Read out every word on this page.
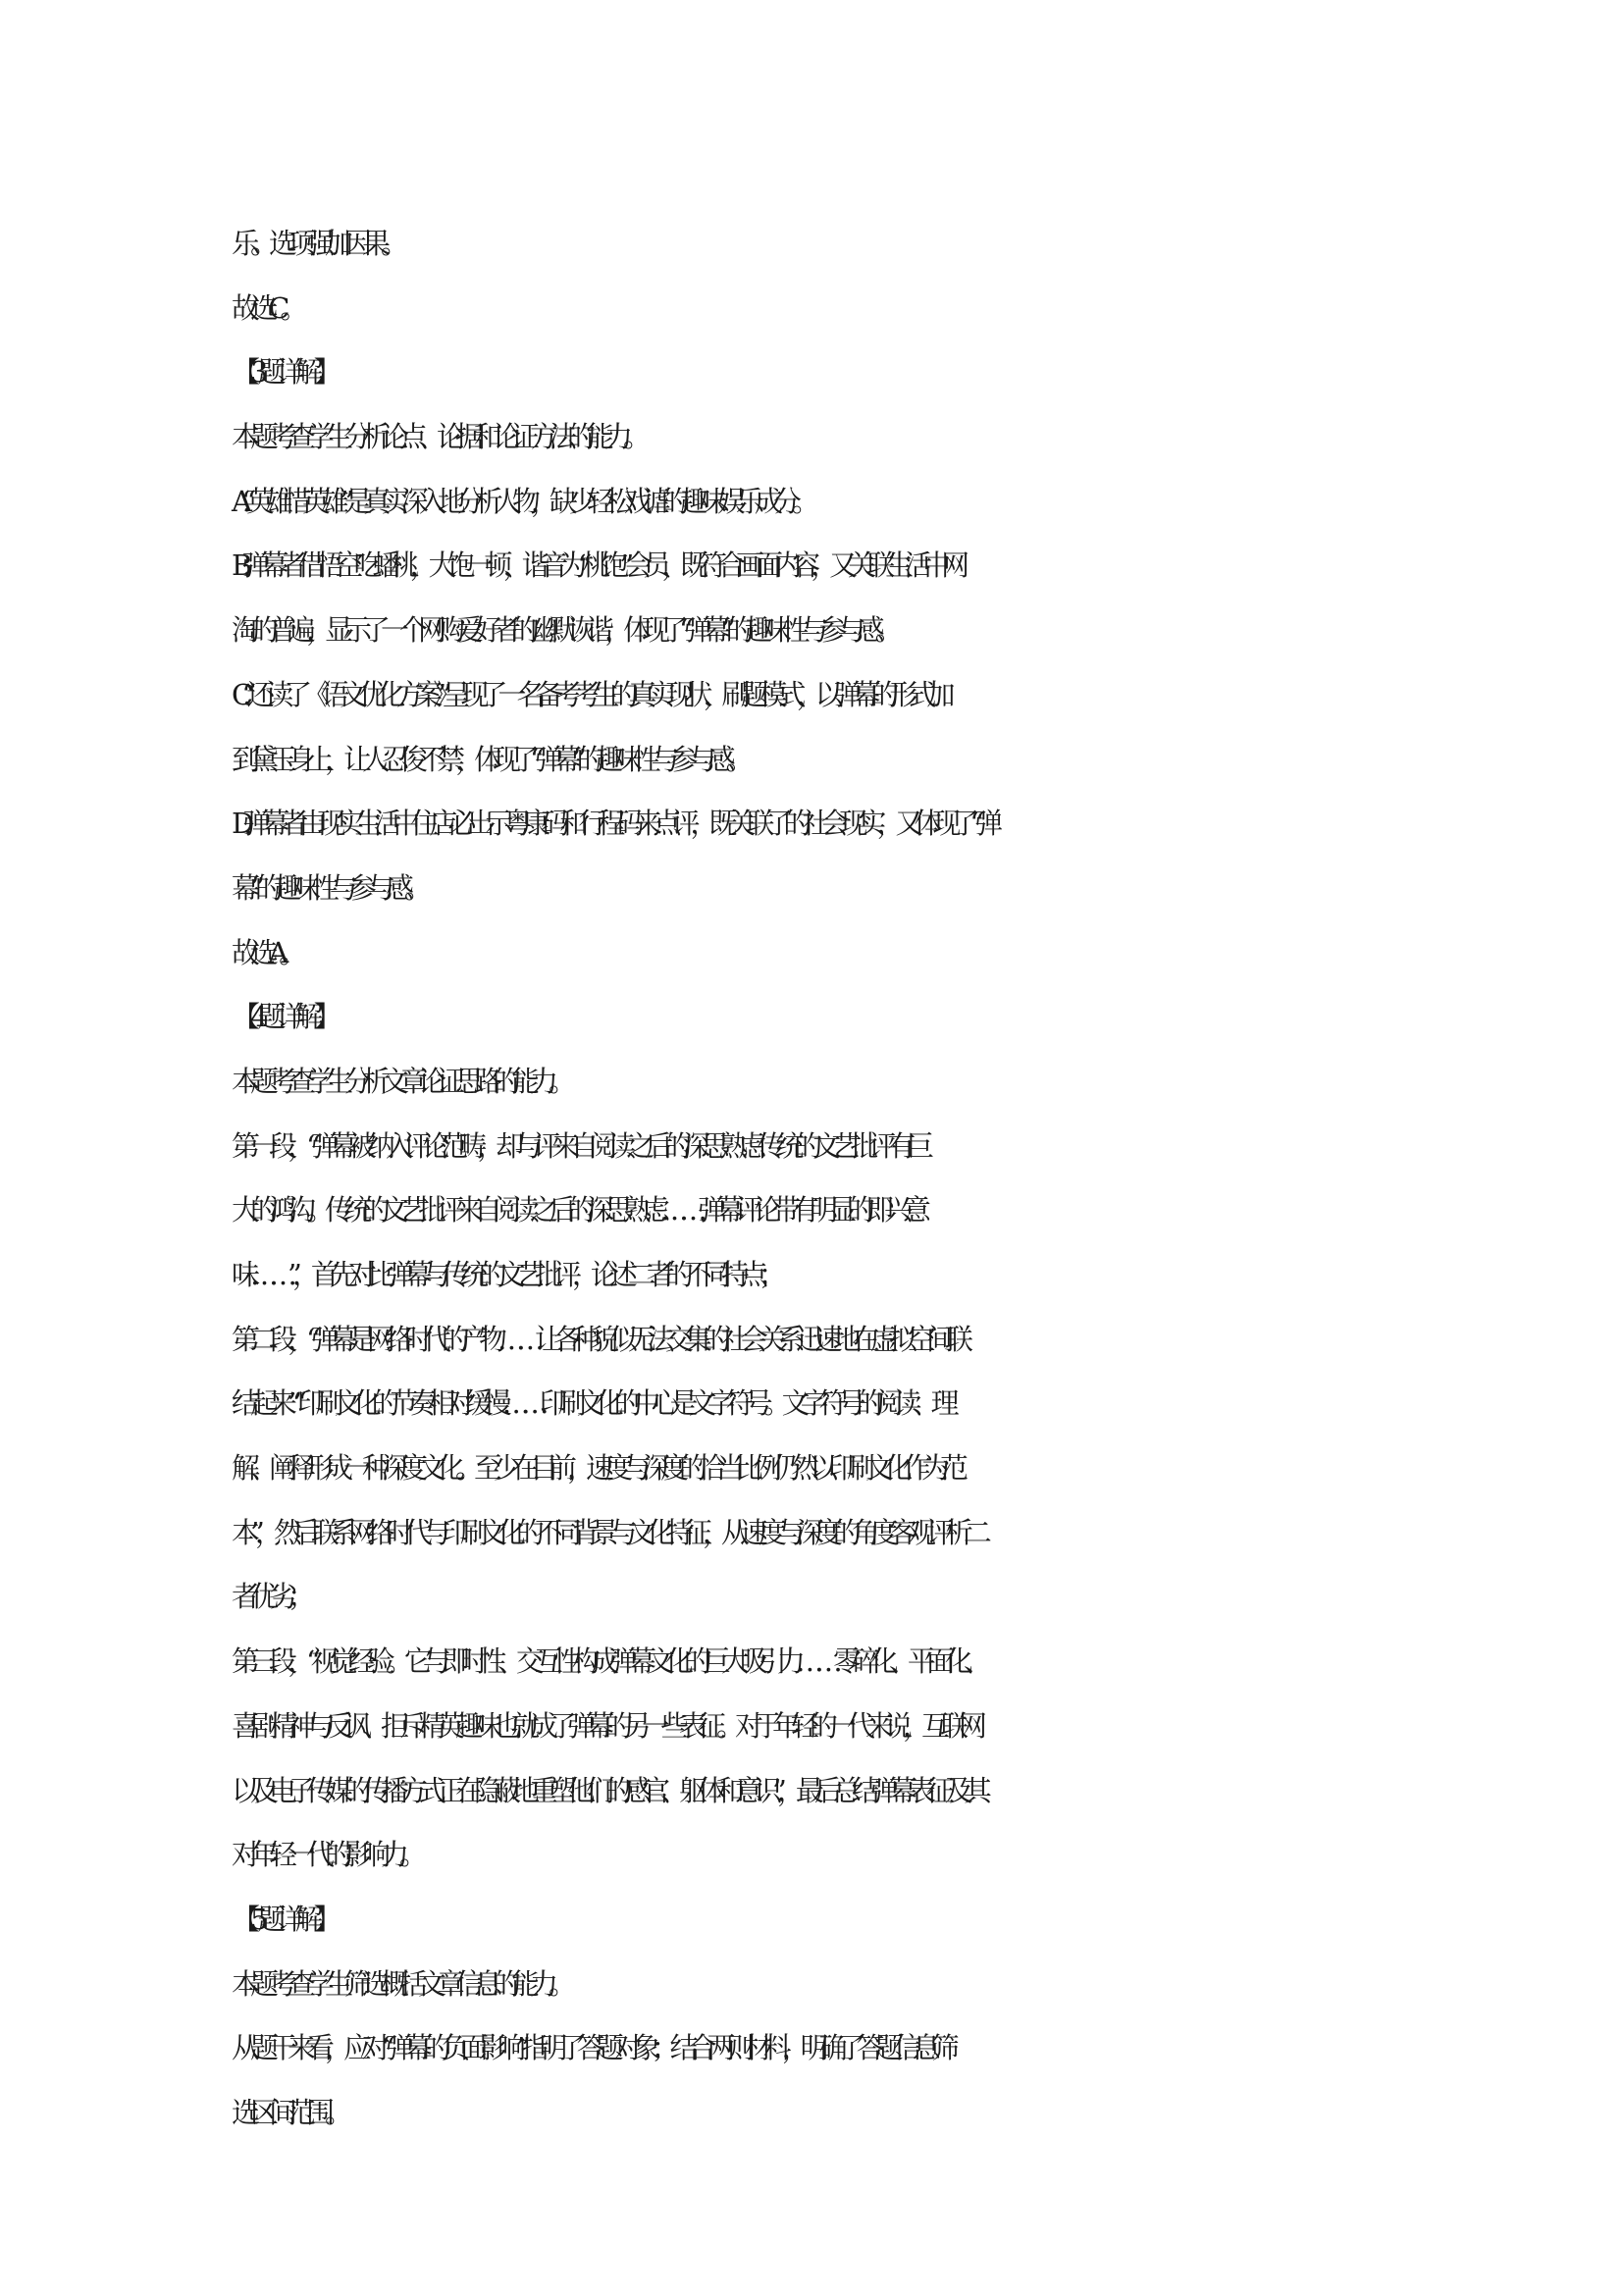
乐。选项强加因果。
故选 C。
【3 题详解】
本题考查学生分析论点、论据和论证方法的能力。
A.“英雄惜英雄”是真实深入地分析人物，缺少轻松戏谑的趣味娱乐成分。
B.弹幕者借悟空吃蟠桃，大饱一顿，谐音为“桃饱”会员，既符合画面内容，又关联生活中网
淘的普遍，显示了一个网购爱好者的幽默诙谐，体现了“弹幕”的趣味性与参与感。
C.“还读了《语文优化方案》”呈现了一名备考考生的真实现状，刷题模式，以弹幕的形式加
到黛玉身上，让人忍俊不禁，体现了“弹幕”的趣味性与参与感。
D.弹幕者由现实生活中住店必出示粤康码和行程码来点评，既关联了的社会现实，又体现了“弹
幕”的趣味性与参与感。
故选 A。
【4 题详解】
本题考查学生分析文章论证思路的能力。
第一段，“弹幕被纳入‘评论’范畴，却与评来自阅读之后的深思熟虑传统的文艺批评有巨
大的鸿沟。传统的文艺批评来自阅读之后的深思熟虑……弹幕评论带有明显的即兴意
味……”，首先对比弹幕与传统的文艺批评，论述二者的不同特点；
第二段，“弹幕是网络时代的产物……让各种貌似无法交集的社会关系迅速地在虚拟空间联
结起来”“印刷文化的节奏相对缓慢……印刷文化的中心是文字符号。文字符号的阅读、理
解、阐释形成一种深度文化。至少在目前，速度与深度的恰当比例仍然以印刷文化作为范
本”，然后联系网络时代与印刷文化的不同背景与文化特征，从速度与深度的角度客观评析二
者优劣；
第三段，“视觉经验。它与即时性、交互性构成弹幕文化的巨大吸引力……零碎化、平面化、
喜剧精神与反讽、拒斥精英趣味也就成了弹幕的另一些表征。对于年轻的一代来说，互联网
以及电子传媒的传播方式正在隐蔽地重塑他们的感官、躯体和意识”，最后总结弹幕表征及其
对年轻一代的影响力。
【5 题详解】
本题考查学生筛选概括文章信息的能力。
从题干来看，应对“弹幕的负面影响”指明了答题对象；结合两则材料，明确了答题信息筛
选区间范围。
